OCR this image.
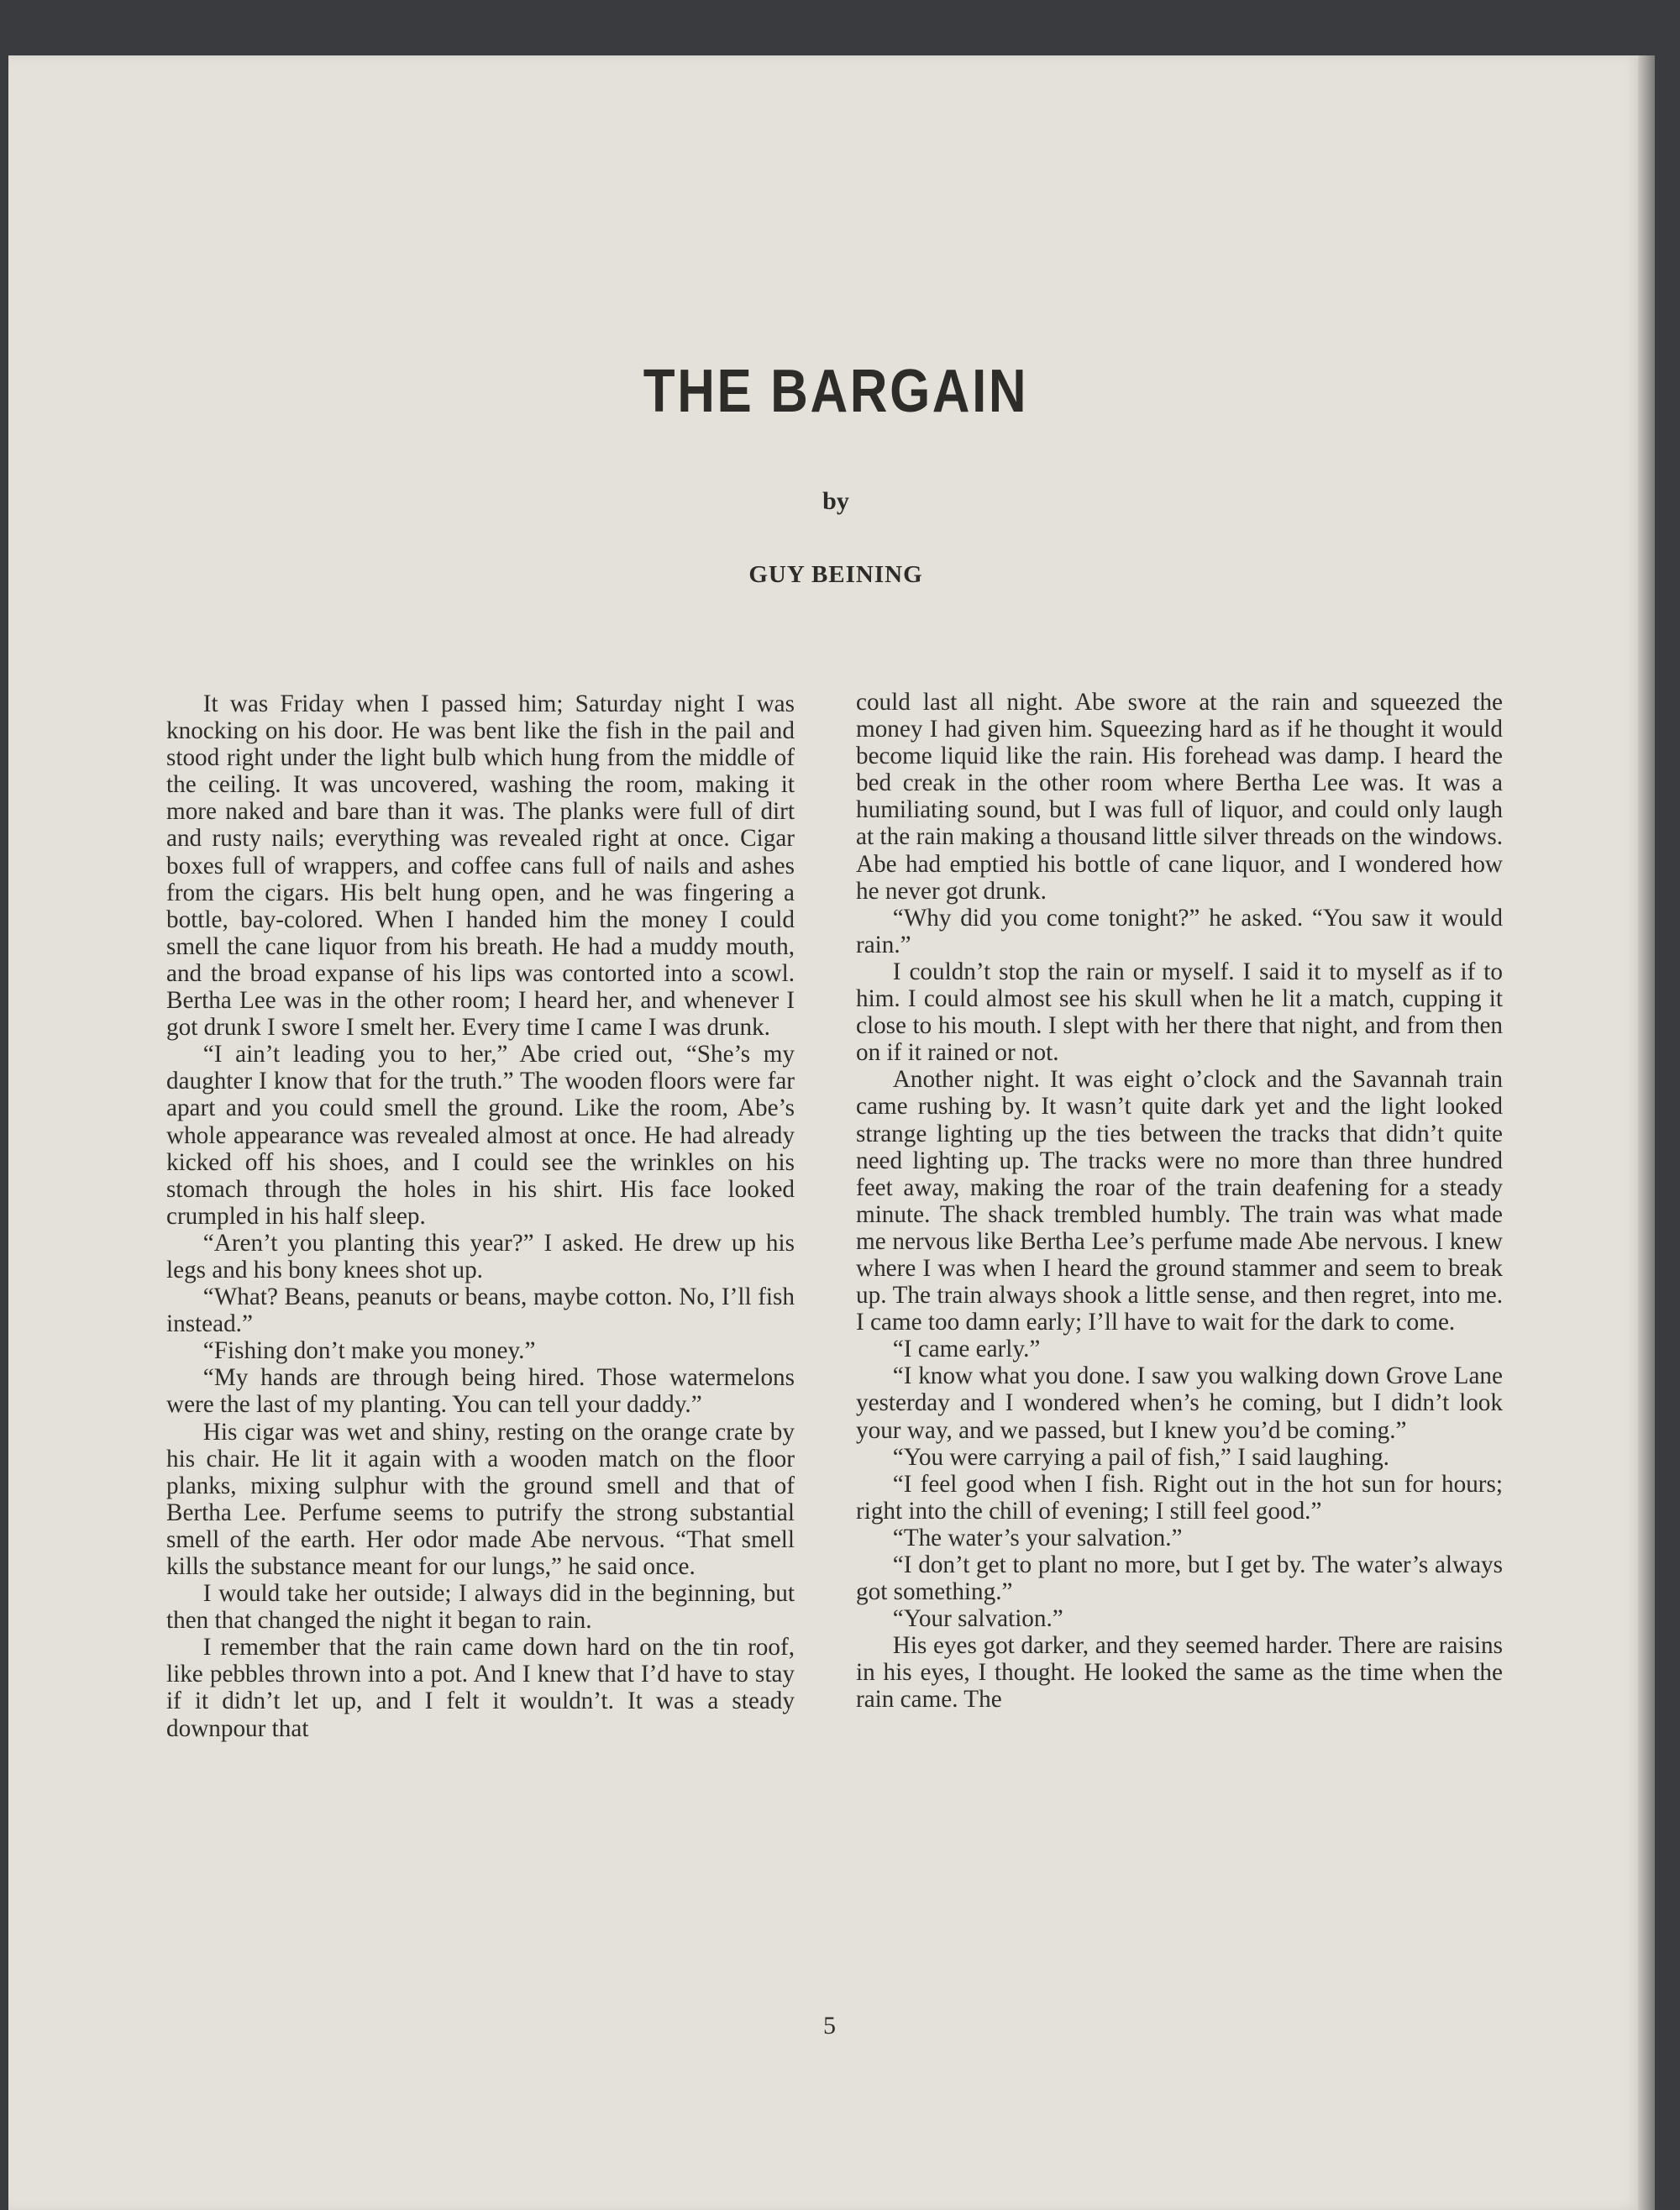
THE BARGAIN
by
GUY BEINING

It was Friday when I passed him; Saturday night I was knocking on his door. He was bent like the fish in the pail and stood right under the light bulb which hung from the middle of the ceiling. It was uncovered, washing the room, making it more naked and bare than it was. The planks were full of dirt and rusty nails; everything was revealed right at once. Cigar boxes full of wrappers, and coffee cans full of nails and ashes from the cigars. His belt hung open, and he was fingering a bottle, bay-colored. When I handed him the money I could smell the cane liquor from his breath. He had a muddy mouth, and the broad expanse of his lips was contorted into a scowl. Bertha Lee was in the other room; I heard her, and whenever I got drunk I swore I smelt her. Every time I came I was drunk.

“I ain’t leading you to her,” Abe cried out, “She’s my daughter I know that for the truth.” The wooden floors were far apart and you could smell the ground. Like the room, Abe’s whole appearance was revealed almost at once. He had already kicked off his shoes, and I could see the wrinkles on his stomach through the holes in his shirt. His face looked crumpled in his half sleep.

“Aren’t you planting this year?” I asked. He drew up his legs and his bony knees shot up.

“What? Beans, peanuts or beans, maybe cotton. No, I’ll fish instead.”

“Fishing don’t make you money.”

“My hands are through being hired. Those watermelons were the last of my planting. You can tell your daddy.”

His cigar was wet and shiny, resting on the orange crate by his chair. He lit it again with a wooden match on the floor planks, mixing sulphur with the ground smell and that of Bertha Lee. Perfume seems to putrify the strong substantial smell of the earth. Her odor made Abe nervous. “That smell kills the substance meant for our lungs,” he said once.

I would take her outside; I always did in the beginning, but then that changed the night it began to rain.

I remember that the rain came down hard on the tin roof, like pebbles thrown into a pot. And I knew that I’d have to stay if it didn’t let up, and I felt it wouldn’t. It was a steady downpour that

could last all night. Abe swore at the rain and squeezed the money I had given him. Squeezing hard as if he thought it would become liquid like the rain. His forehead was damp. I heard the bed creak in the other room where Bertha Lee was. It was a humiliating sound, but I was full of liquor, and could only laugh at the rain making a thousand little silver threads on the windows. Abe had emptied his bottle of cane liquor, and I wondered how he never got drunk.

“Why did you come tonight?” he asked. “You saw it would rain.”

I couldn’t stop the rain or myself. I said it to myself as if to him. I could almost see his skull when he lit a match, cupping it close to his mouth. I slept with her there that night, and from then on if it rained or not.

Another night. It was eight o’clock and the Savannah train came rushing by. It wasn’t quite dark yet and the light looked strange lighting up the ties between the tracks that didn’t quite need lighting up. The tracks were no more than three hundred feet away, making the roar of the train deafening for a steady minute. The shack trembled humbly. The train was what made me nervous like Bertha Lee’s perfume made Abe nervous. I knew where I was when I heard the ground stammer and seem to break up. The train always shook a little sense, and then regret, into me. I came too damn early; I’ll have to wait for the dark to come.

“I came early.”

“I know what you done. I saw you walking down Grove Lane yesterday and I wondered when’s he coming, but I didn’t look your way, and we passed, but I knew you’d be coming.”

“You were carrying a pail of fish,” I said laughing.

“I feel good when I fish. Right out in the hot sun for hours; right into the chill of evening; I still feel good.”

“The water’s your salvation.”

“I don’t get to plant no more, but I get by. The water’s always got something.”

“Your salvation.”

His eyes got darker, and they seemed harder. There are raisins in his eyes, I thought. He looked the same as the time when the rain came. The

5
